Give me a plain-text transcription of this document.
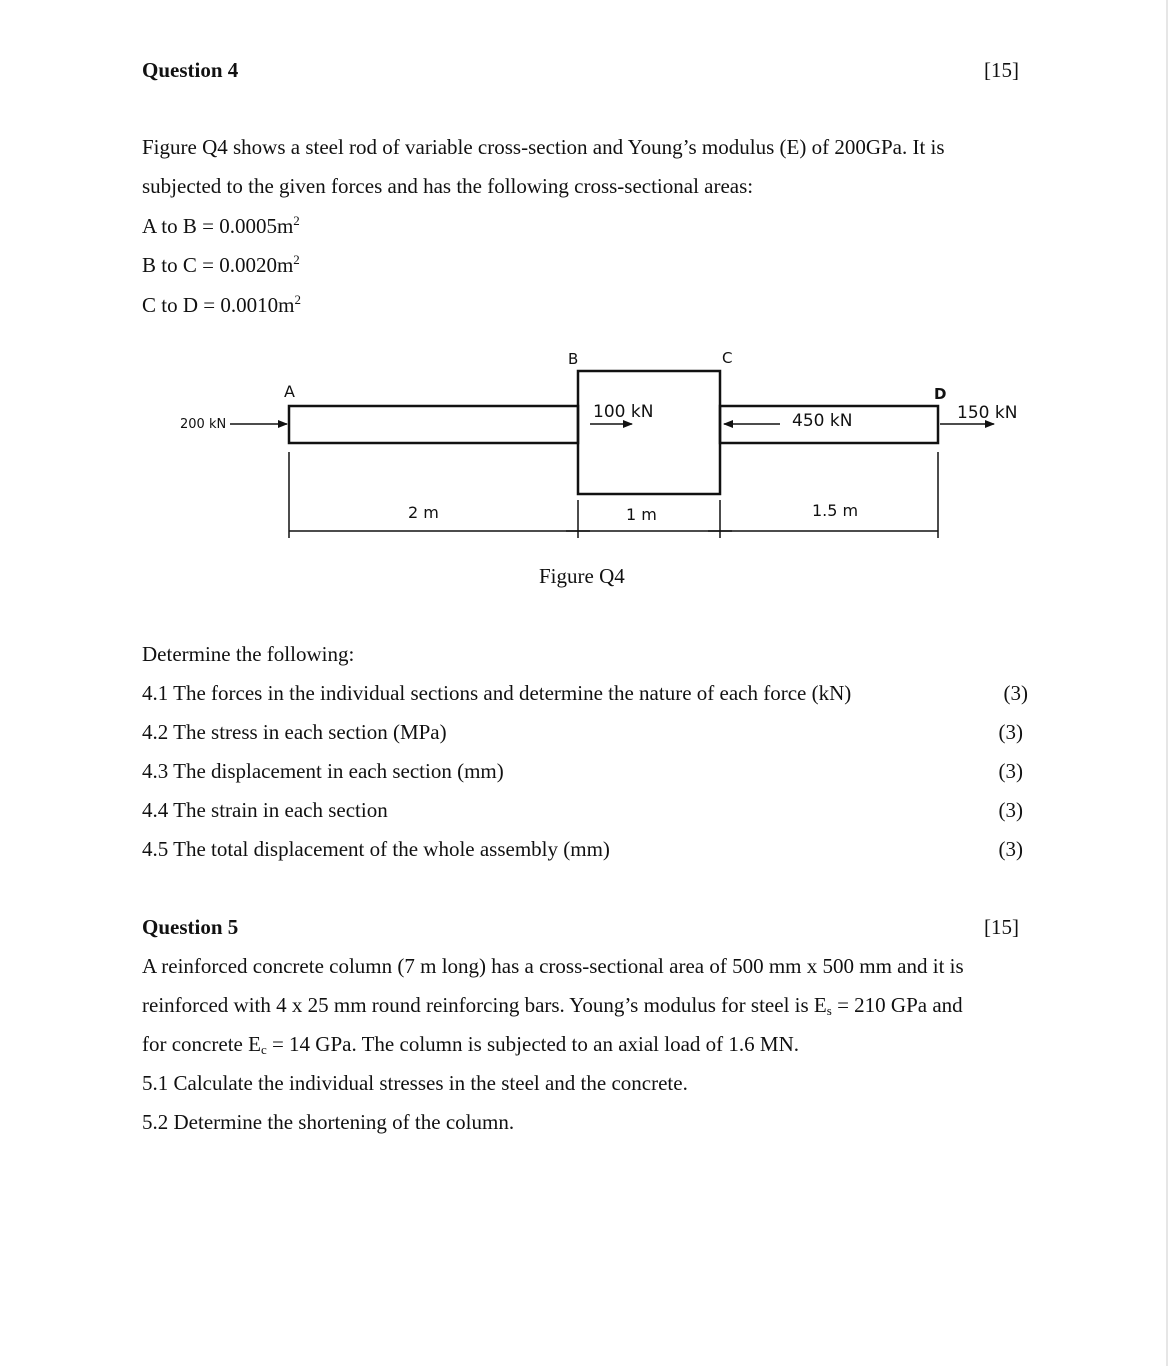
Question 4	[15]
Figure Q4 shows a steel rod of variable cross-section and Young’s modulus (E) of 200GPa. It is
subjected to the given forces and has the following cross-sectional areas:
A to $B = 0.0005m^2$
B to $C = 0.0020m^2$
C to $D = 0.0010m^2$
A
B	C
D
200 kN
100 kN	450 kN	150 kN
2 m	1 m	1.5 m
Figure Q4
Determine the following:
4.1 The forces in the individual sections and determine the nature of each force (kN)	(3)
4.2 The stress in each section (MPa)	(3)
4.3 The displacement in each section (mm)	(3)
4.4 The strain in each section	(3)
4.5 The total displacement of the whole assembly (mm)	(3)
Question 5	[15]
A reinforced concrete column (7 m long) has a cross-sectional area of 500 mm x 500 mm and it is
reinforced with 4 x 25 mm round reinforcing bars. Young’s modulus for steel is $E_s = 210$ GPa and
for concrete $E_c = 14$ GPa. The column is subjected to an axial load of 1.6 MN.
5.1 Calculate the individual stresses in the steel and the concrete.
5.2 Determine the shortening of the column.
